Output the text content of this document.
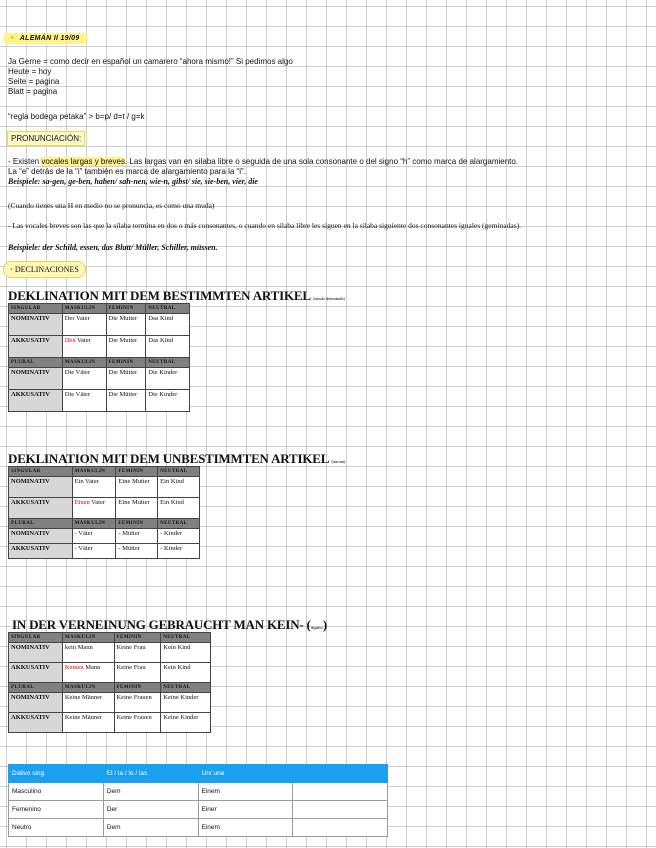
• ALEMÁN II 19/09
Ja Gerne = como decir en español un camarero “ahora mismo!” Si pedimos algo
Heute = hoy
Seite = pagina
Blatt = pagina
“regla bodega petaka” > b=p/ d=t / g=k
PRONUNCIACIÓN:
- Existen vocales largas y breves. Las largas van en silaba libre o seguida de una sola consonante o del signo “h” como marca de alargamiento.
La “e” detrás de la “i” también es marca de alargamiento para la “i”.
Beispiele: sa-gen, ge-ben, haben/ sah-nen, wie-n, gibst/ sie, sie-ben, vier, die
(Cuando tienes una H en medio no se pronuncia, es como una muda)
- Las vocales breves son las que la silaba termina en dos o más consonantes, o cuando en silaba libre les siguen en la silaba siguiente dos consonantes iguales (geminadas).
Beispiele: der Schild, essen, das Blatt/ Müller, Schiller, müssen.
• DECLINACIONES
DEKLINATION MIT DEM BESTIMMTEN ARTIKEL (articulo determinado)
SINGULAR	MASKULIN	FEMININ	NEUTRAL
NOMINATIV	Der Vater	Die Mutter	Das Kind
AKKUSATIV	Den Vater	Die Mutter	Das Kind
PLURAL	MASKULIN	FEMININ	NEUTRAL
NOMINATIV	Die Väter	Die Mütter	Die Kinder
AKKUSATIV	Die Väter	Die Mütter	Die Kinder
DEKLINATION MIT DEM UNBESTIMMTEN ARTIKEL (uno/una)
SINGULAR	MASKULIN	FEMININ	NEUTRAL
NOMINATIV	Ein Vater	Eine Mutter	Ein Kind
AKKUSATIV	Einen Vater	Eine Mutter	Ein Kind
PLURAL	MASKULIN	FEMININ	NEUTRAL
NOMINATIV	- Väter	- Mütter	- Kinder
AKKUSATIV	- Väter	- Mütter	- Kinder
IN DER VERNEINUNG GEBRAUCHT MAN KEIN- (negativo)
SINGULAR	MASKULIN	FEMININ	NEUTRAL
NOMINATIV	kein Mann	Keine Frau	Kein Kind
AKKUSATIV	Keinen Mann	Keine Frau	Kein Kind
PLURAL	MASKULIN	FEMININ	NEUTRAL
NOMINATIV	Keine Männer	Keine Frauen	Keine Kinder
AKKUSATIV	Keine Männer	Keine Frauen	Keine Kinder
Dativo sing	El / la / lo / las	Un/ una	
Masculino	Dem	Einem	
Femenino	Der	Einer	
Neutro	Dem	Einem	
